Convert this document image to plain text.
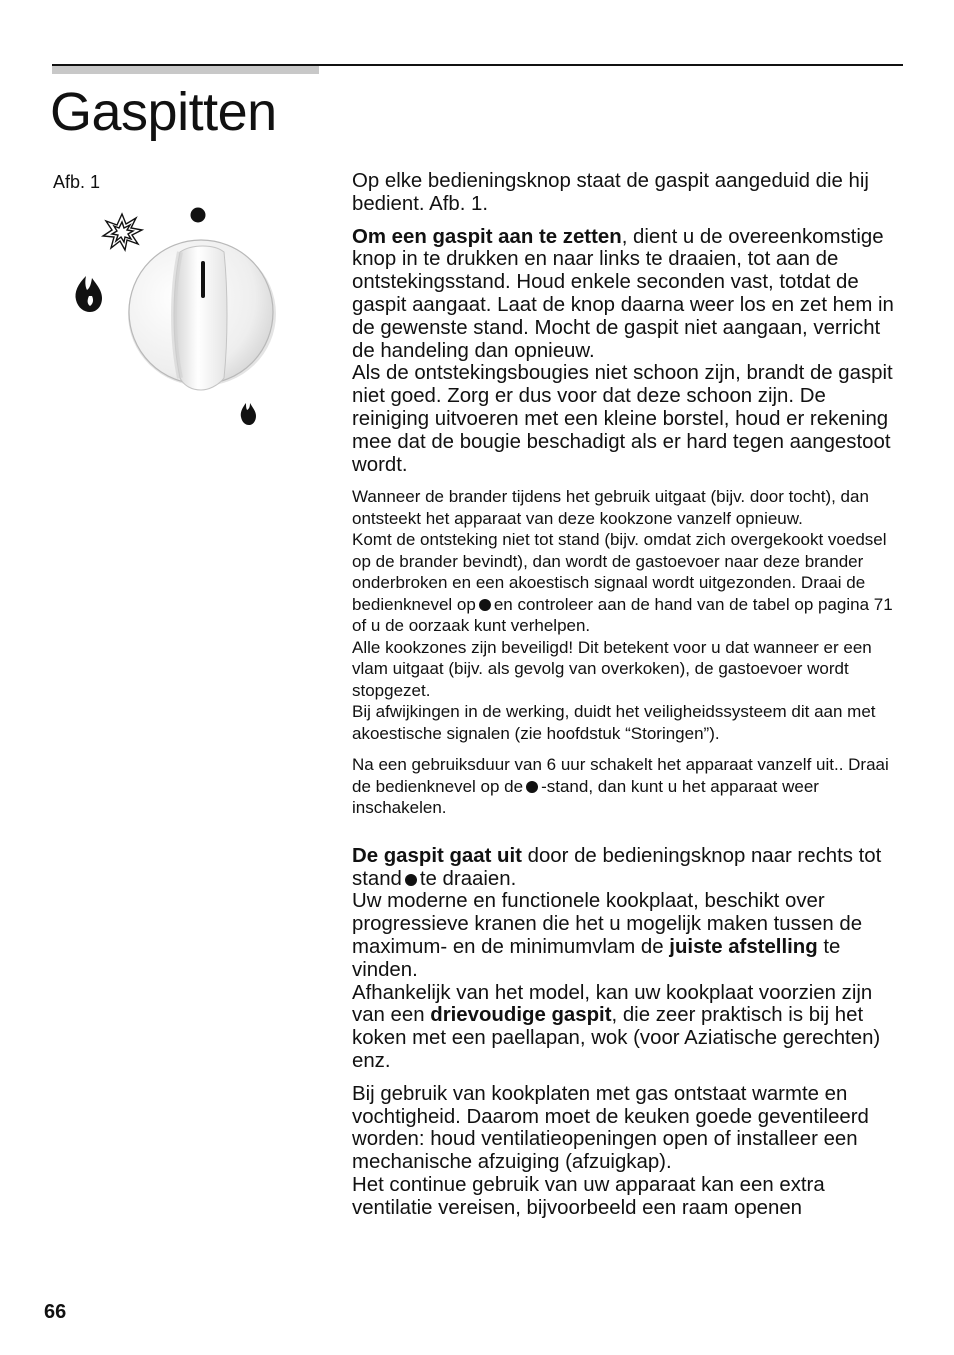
Gaspitten
Afb. 1	Op elke bedieningsknop staat de gaspit aangeduid die hij bedient. Afb. 1.

Om een gaspit aan te zetten, dient u de overeenkomstige knop in te drukken en naar links te draaien, tot aan de ontstekingsstand. Houd enkele seconden vast, totdat de gaspit aangaat. Laat de knop daarna weer los en zet hem in de gewenste stand. Mocht de gaspit niet aangaan, verricht de handeling dan opnieuw.

Als de ontstekingsbougies niet schoon zijn, brandt de gaspit niet goed. Zorg er dus voor dat deze schoon zijn. De reiniging uitvoeren met een kleine borstel, houd er rekening mee dat de bougie beschadigt als er hard tegen aangestoot wordt.

Wanneer de brander tijdens het gebruik uitgaat (bijv. door tocht), dan ontsteekt het apparaat van deze kookzone vanzelf opnieuw.

Komt de ontsteking niet tot stand (bijv. omdat zich overgekookt voedsel op de brander bevindt), dan wordt de gastoevoer naar deze brander onderbroken en een akoestisch signaal wordt uitgezonden. Draai de bedienknevel op en controleer aan de hand van de tabel op pagina 71 of u de oorzaak kunt verhelpen.

Alle kookzones zijn beveiligd! Dit betekent voor u dat wanneer er een vlam uitgaat (bijv. als gevolg van overkoken), de gastoevoer wordt stopgezet.

Bij afwijkingen in de werking, duidt het veiligheidssysteem dit aan met akoestische signalen (zie hoofdstuk “Storingen”).

Na een gebruiksduur van 6 uur schakelt het apparaat vanzelf uit.. Draai de bedienknevel op de -stand, dan kunt u het apparaat weer inschakelen.

De gaspit gaat uit door de bedieningsknop naar rechts tot stand te draaien.

Uw moderne en functionele kookplaat, beschikt over progressieve kranen die het u mogelijk maken tussen de maximum- en de minimumvlam de juiste afstelling te vinden.

Afhankelijk van het model, kan uw kookplaat voorzien zijn van een drievoudige gaspit, die zeer praktisch is bij het koken met een paellapan, wok (voor Aziatische gerechten) enz.

Bij gebruik van kookplaten met gas ontstaat warmte en vochtigheid. Daarom moet de keuken goede geventileerd worden: houd ventilatieopeningen open of installeer een mechanische afzuiging (afzuigkap).

Het continue gebruik van uw apparaat kan een extra ventilatie vereisen, bijvoorbeeld een raam openen

66
